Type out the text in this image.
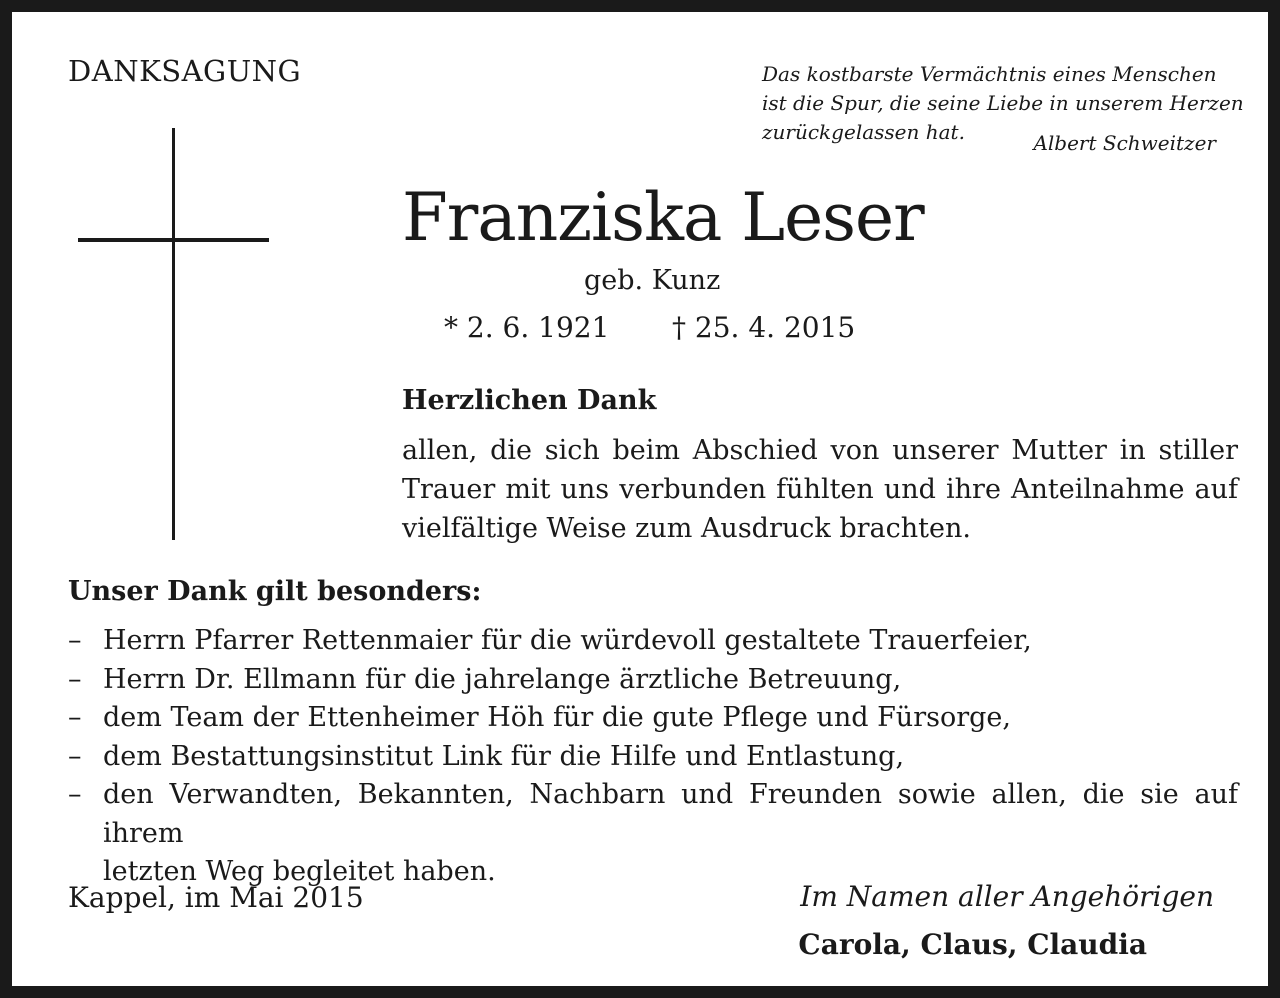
DANKSAGUNG	Das kostbarste Vermächtnis eines Menschen
ist die Spur, die seine Liebe in unserem Herzen
zurückgelassen hat.	Albert Schweitzer
Franziska Leser
geb. Kunz
* 2. 6. 1921 † 25. 4. 2015
Herzlichen Dank
allen, die sich beim Abschied von unserer Mutter in stiller
Trauer mit uns verbunden fühlten und ihre Anteilnahme auf
vielfältige Weise zum Ausdruck brachten.
Unser Dank gilt besonders:
– Herrn Pfarrer Rettenmaier für die würdevoll gestaltete Trauerfeier,
– Herrn Dr. Ellmann für die jahrelange ärztliche Betreuung,
– dem Team der Ettenheimer Höh für die gute Pflege und Fürsorge,
– dem Bestattungsinstitut Link für die Hilfe und Entlastung,
– den Verwandten, Bekannten, Nachbarn und Freunden sowie allen, die sie auf ihrem
letzten Weg begleitet haben.
Kappel, im Mai 2015	Im Namen aller Angehörigen
Carola, Claus, Claudia
